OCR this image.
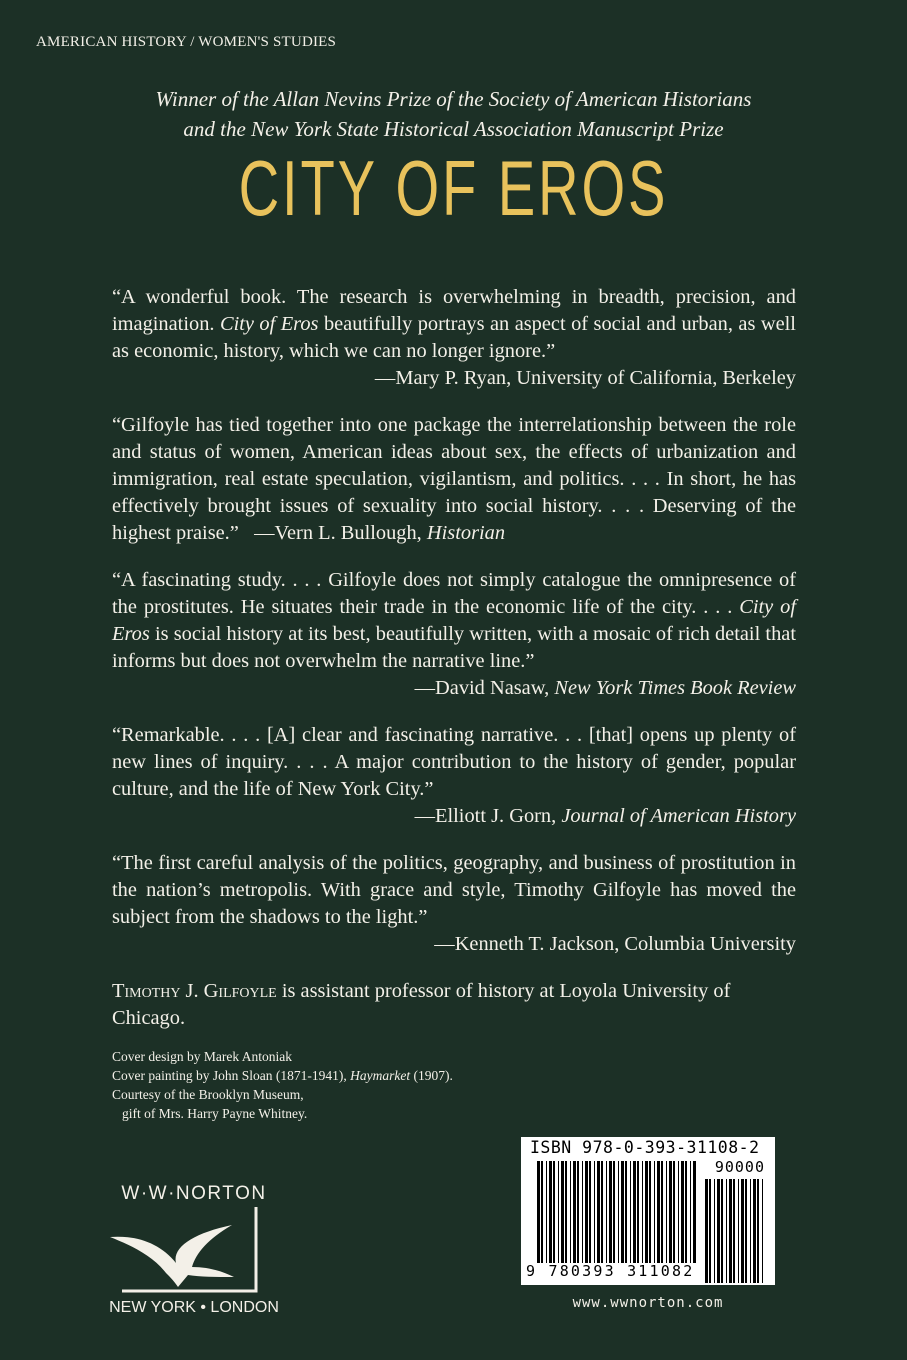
AMERICAN HISTORY / WOMEN'S STUDIES
Winner of the Allan Nevins Prize of the Society of American Historians
and the New York State Historical Association Manuscript Prize
CITY OF EROS

“A wonderful book. The research is overwhelming in breadth, precision, and imagination. City of Eros beautifully portrays an aspect of social and urban, as well as economic, history, which we can no longer ignore.”

—Mary P. Ryan, University of California, Berkeley

“Gilfoyle has tied together into one package the interrelationship between the role and status of women, American ideas about sex, the effects of urbanization and immigration, real estate speculation, vigilantism, and politics. . . . In short, he has effectively brought issues of sexuality into social history. . . . Deserving of the highest praise.” —Vern L. Bullough, Historian

“A fascinating study. . . . Gilfoyle does not simply catalogue the omnipresence of the prostitutes. He situates their trade in the economic life of the city. . . . City of Eros is social history at its best, beautifully written, with a mosaic of rich detail that informs but does not overwhelm the narrative line.”

—David Nasaw, New York Times Book Review

“Remarkable. . . . [A] clear and fascinating narrative. . . [that] opens up plenty of new lines of inquiry. . . . A major contribution to the history of gender, popular culture, and the life of New York City.”

—Elliott J. Gorn, Journal of American History

“The first careful analysis of the politics, geography, and business of prostitution in the nation’s metropolis. With grace and style, Timothy Gilfoyle has moved the subject from the shadows to the light.”

—Kenneth T. Jackson, Columbia University

Timothy J. Gilfoyle is assistant professor of history at Loyola University of Chicago.

Cover design by Marek Antoniak
Cover painting by John Sloan (1871-1941), Haymarket (1907).
Courtesy of the Brooklyn Museum,
gift of Mrs. Harry Payne Whitney.
W·W·NORTON
NEW YORK • LONDON
ISBN 978-0-393-31108-2
90000
9 780393 311082
www.wwnorton.com
